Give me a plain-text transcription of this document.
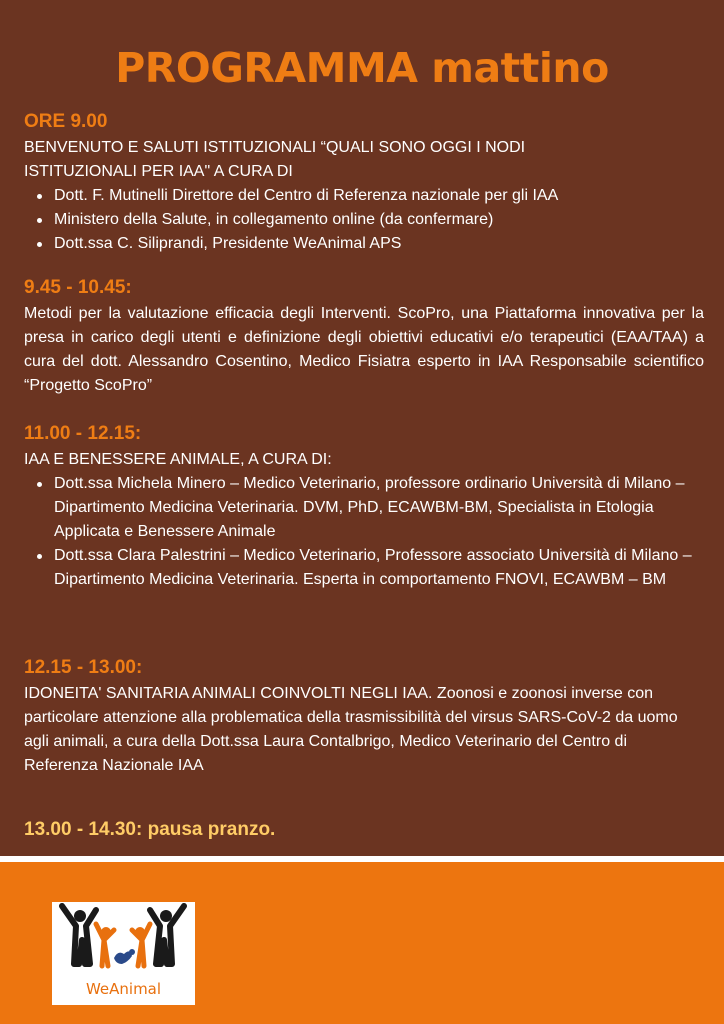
PROGRAMMA mattino
ORE 9.00
BENVENUTO E SALUTI ISTITUZIONALI “QUALI SONO OGGI I NODI
ISTITUZIONALI PER IAA" A CURA DI
Dott. F. Mutinelli Direttore del Centro di Referenza nazionale per gli IAA
Ministero della Salute, in collegamento online (da confermare)
Dott.ssa C. Siliprandi, Presidente WeAnimal APS
9.45 - 10.45:
Metodi per la valutazione efficacia degli Interventi. ScoPro, una Piattaforma innovativa per la presa in carico degli utenti e definizione degli obiettivi educativi e/o terapeutici (EAA/TAA) a cura del dott. Alessandro Cosentino, Medico Fisiatra esperto in IAA Responsabile scientifico “Progetto ScoPro”
11.00 - 12.15:
IAA E BENESSERE ANIMALE, A CURA DI:
Dott.ssa Michela Minero – Medico Veterinario, professore ordinario Università di Milano – Dipartimento Medicina Veterinaria. DVM, PhD, ECAWBM-BM, Specialista in Etologia Applicata e Benessere Animale
Dott.ssa Clara Palestrini – Medico Veterinario, Professore associato Università di Milano – Dipartimento Medicina Veterinaria. Esperta in comportamento FNOVI, ECAWBM – BM
12.15 - 13.00:
IDONEITA' SANITARIA ANIMALI COINVOLTI NEGLI IAA. Zoonosi e zoonosi inverse con particolare attenzione alla problematica della trasmissibilità del virsus SARS-CoV-2 da uomo agli animali, a cura della Dott.ssa Laura Contalbrigo, Medico Veterinario del Centro di Referenza Nazionale IAA
13.00 - 14.30: pausa pranzo.
WeAnimal
